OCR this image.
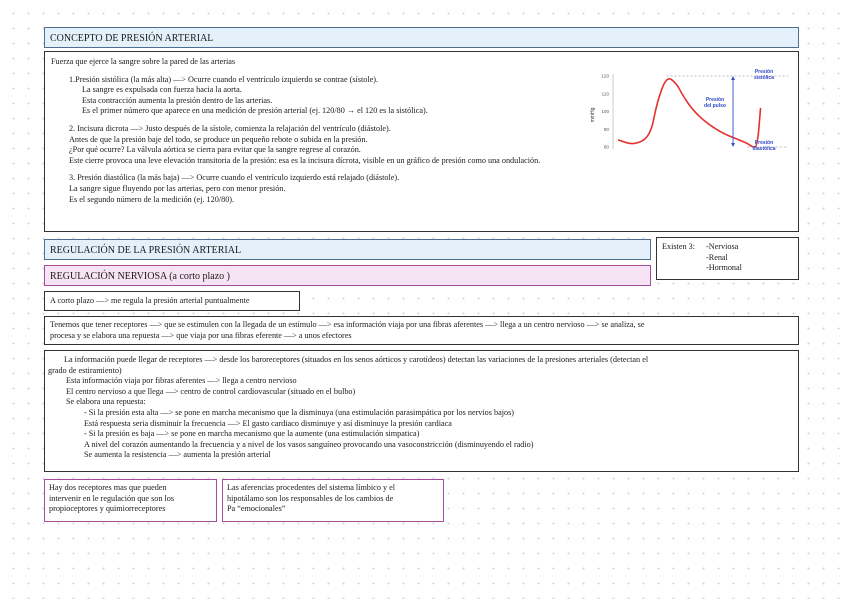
CONCEPTO DE PRESIÓN ARTERIAL
Fuerza que ejerce la sangre sobre la pared de las arterias
1.Presión sistólica (la más alta) —> Ocurre cuando el ventrículo izquierdo se contrae (sístole).
La sangre es expulsada con fuerza hacia la aorta.
Esta contracción aumenta la presión dentro de las arterias.
Es el primer número que aparece en una medición de presión arterial (ej. 120/80 → el 120 es la sistólica).
2. Incisura dicrota —> Justo después de la sístole, comienza la relajación del ventrículo (diástole).
Antes de que la presión baje del todo, se produce un pequeño rebote o subida en la presión.
¿Por qué ocurre? La válvula aórtica se cierra para evitar que la sangre regrese al corazón.
Este cierre provoca una leve elevación transitoria de la presión: esa es la incisura dícrota, visible en un gráfico de presión como una ondulación.
3. Presión diastólica (la más baja) —> Ocurre cuando el ventrículo izquierdo está relajado (diástole).
La sangre sigue fluyendo por las arterias, pero con menor presión.
Es el segundo número de la medición (ej. 120/80).
mmHg
120
110
100
90
80
Presión
sistólica
Presión
del pulso
Presión
diastólica
REGULACIÓN DE LA PRESIÓN ARTERIAL	Existen 3: -Nerviosa
-Renal
-Hormonal
REGULACIÓN NERVIOSA (a corto plazo )
A corto plazo —> me regula la presión arterial puntualmente
Tenemos que tener receptores —> que se estimulen con la llegada de un estímulo —> esa información viaja por una fibras aferentes —> llega a un centro nervioso —> se analiza, se
procesa y se elabora una repuesta —> que viaja por una fibras eferente —> a unos efectores
La información puede llegar de receptores —> desde los baroreceptores (situados en los senos aórticos y carotídeos) detectan las variaciones de la presiones arteriales (detectan el
grado de estiramiento)
Esta información viaja por fibras aferentes —> llega a centro nervioso
El centro nervioso a que llega —> centro de control cardiovascular (situado en el bulbo)
Se elabora una repuesta:
- Si la presión esta alta —> se pone en marcha mecanismo que la disminuya (una estimulación parasimpática por los nervios bajos)
Está respuesta seria disminuir la frecuencia —> El gasto cardiaco disminuye y así disminuye la presión cardiaca
- Si la presión es baja —> se pone en marcha mecanismo que la aumente (una estimulación simpatica)
A nivel del corazón aumentando la frecuencia y a nivel de los vasos sanguíneo provocando una vasoconstricción (disminuyendo el radio)
Se aumenta la resistencia —> aumenta la presión arterial
Hay dos receptores mas que pueden
intervenir en le regulación que son los
propioceptores y quimiorreceptores
Las aferencias procedentes del sistema límbico y el
hipotálamo son los responsables de los cambios de
Pa “emocionales”
